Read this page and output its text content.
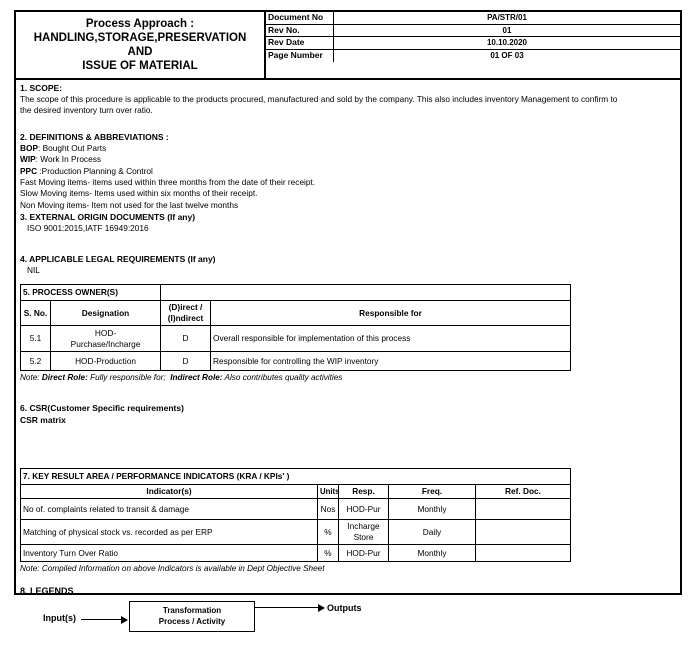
Process Approach :
HANDLING,STORAGE,PRESERVATION AND
ISSUE OF MATERIAL
Document No	PA/STR/01
Rev No.	01
Rev Date	10.10.2020
Page Number	01 OF 03
1. SCOPE:
The scope of this procedure is applicable to the products procured, manufactured and sold by the company. This also includes inventory Management to confirm to
the desired inventory turn over ratio.
2. DEFINITIONS & ABBREVIATIONS :
BOP: Bought Out Parts
WIP: Work In Process
PPC :Production Planning & Control
Fast Moving items- items used within three months from the date of their receipt.
Slow Moving items- Items used within six months of their receipt.
Non Moving items- Item not used for the last twelve months
3. EXTERNAL ORIGIN DOCUMENTS (If any)
ISO 9001:2015,IATF 16949:2016
4. APPLICABLE LEGAL REQUIREMENTS (If any)
NIL
5. PROCESS OWNER(S)			
S. No.	Designation	(D)irect /
(I)ndirect	Responsible for
5.1	HOD-
Purchase/Incharge	D	Overall responsible for implementation of this process
5.2	HOD-Production	D	Responsible for controlling the WIP inventory
Note: Direct Role: Fully responsible for; Indirect Role: Also contributes quality activities
6. CSR(Customer Specific requirements)
CSR matrix
7. KEY RESULT AREA / PERFORMANCE INDICATORS (KRA / KPIs' )				
Indicator(s)	Units	Resp.	Freq.	Ref. Doc.
No of. complaints related to transit & damage	Nos	HOD-Pur	Monthly	
Matching of physical stock vs. recorded as per ERP	%	Incharge
Store	Daily	
Inventory Turn Over Ratio	%	HOD-Pur	Monthly	
Note: Compiled Information on above Indicators is available in Dept Objective Sheet
8. LEGENDS
Input(s)
Transformation
Process / Activity
Outputs
